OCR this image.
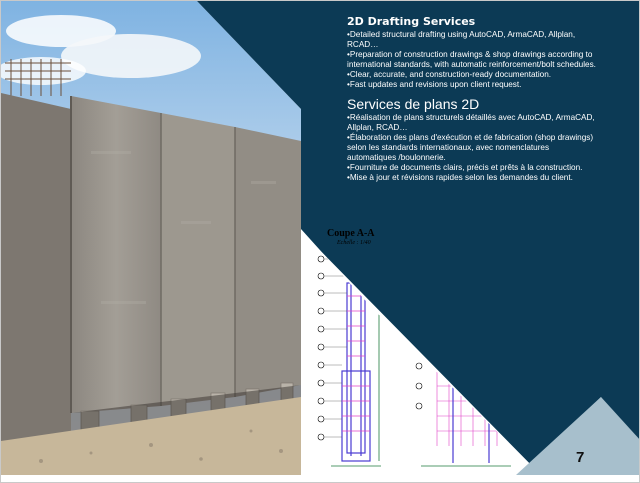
Coupe A-A
Echelle : 1/40

2D Drafting Services

•Detailed structural drafting using AutoCAD, ArmaCAD, Allplan, RCAD…

•Preparation of construction drawings & shop drawings according to international standards, with automatic reinforcement/bolt schedules.

•Clear, accurate, and construction-ready documentation.

•Fast updates and revisions upon client request.

Services de plans 2D

•Réalisation de plans structurels détaillés avec AutoCAD, ArmaCAD, Allplan, RCAD…

•Élaboration des plans d'exécution et de fabrication (shop drawings) selon les standards internationaux, avec nomenclatures automatiques /boulonnerie.

•Fourniture de documents clairs, précis et prêts à la construction.

•Mise à jour et révisions rapides selon les demandes du client.

7
